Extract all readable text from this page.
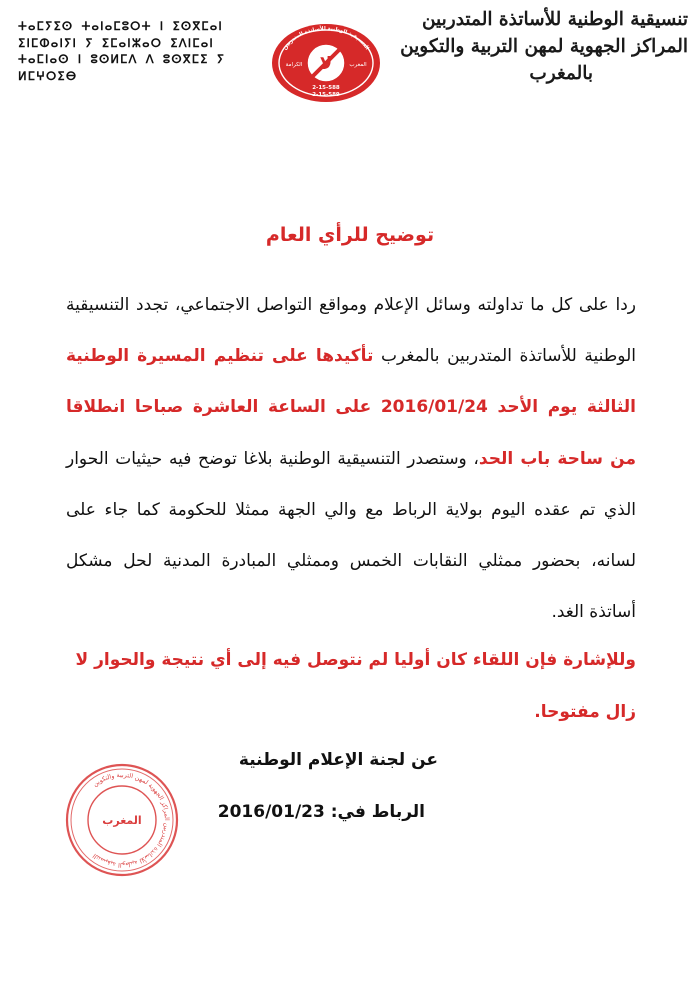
تنسيقية الوطنية للأساتذة المتدربين
المراكز الجهوية لمهن التربية والتكوين
بالمغرب
ⵜⴰⵎⵢⵉⵙ ⵜⴰⵏⴰⵎⵓⵔⵜ ⵏ ⵉⵙⴳⵎⴰⵏ
ⵉⵏⵎⵀⴰⵏⵢⵏ ⵢ ⵉⵎⴰⵏⵣⴰⵔ ⵉⴷⵏⵎⴰⵏ
ⵜⴰⵎⵏⴰⵙ ⵏ ⵓⵙⵍⵎⴷ ⴷ ⵓⵙⴳⵎⵉ ⵢ
ⵍⵎⵖⵔⵉⴱ
التنسيقية الوطنية للأساتذة المتدربين
لا
الكرامة	المغرب
2-15-588
2-15-589
توضيح للرأي العام
ردا على كل ما تداولته وسائل الإعلام ومواقع التواصل الاجتماعي، تجدد التنسيقية الوطنية للأساتذة المتدربين بالمغرب تأكيدها على تنظيم المسيرة الوطنية الثالثة يوم الأحد 2016/01/24 على الساعة العاشرة صباحا انطلاقا من ساحة باب الحد، وستصدر التنسيقية الوطنية بلاغا توضح فيه حيثيات الحوار الذي تم عقده اليوم بولاية الرباط مع والي الجهة ممثلا للحكومة كما جاء على لسانه، بحضور ممثلي النقابات الخمس وممثلي المبادرة المدنية لحل مشكل أساتذة الغد.
وللإشارة فإن اللقاء كان أوليا لم نتوصل فيه إلى أي نتيجة والحوار لا زال مفتوحا.
عن لجنة الإعلام الوطنية
الرباط في: 2016/01/23
التنسيقية الوطنية للأساتذة المتدربين المراكز الجهوية لمهن التربية والتكوين
المغرب
